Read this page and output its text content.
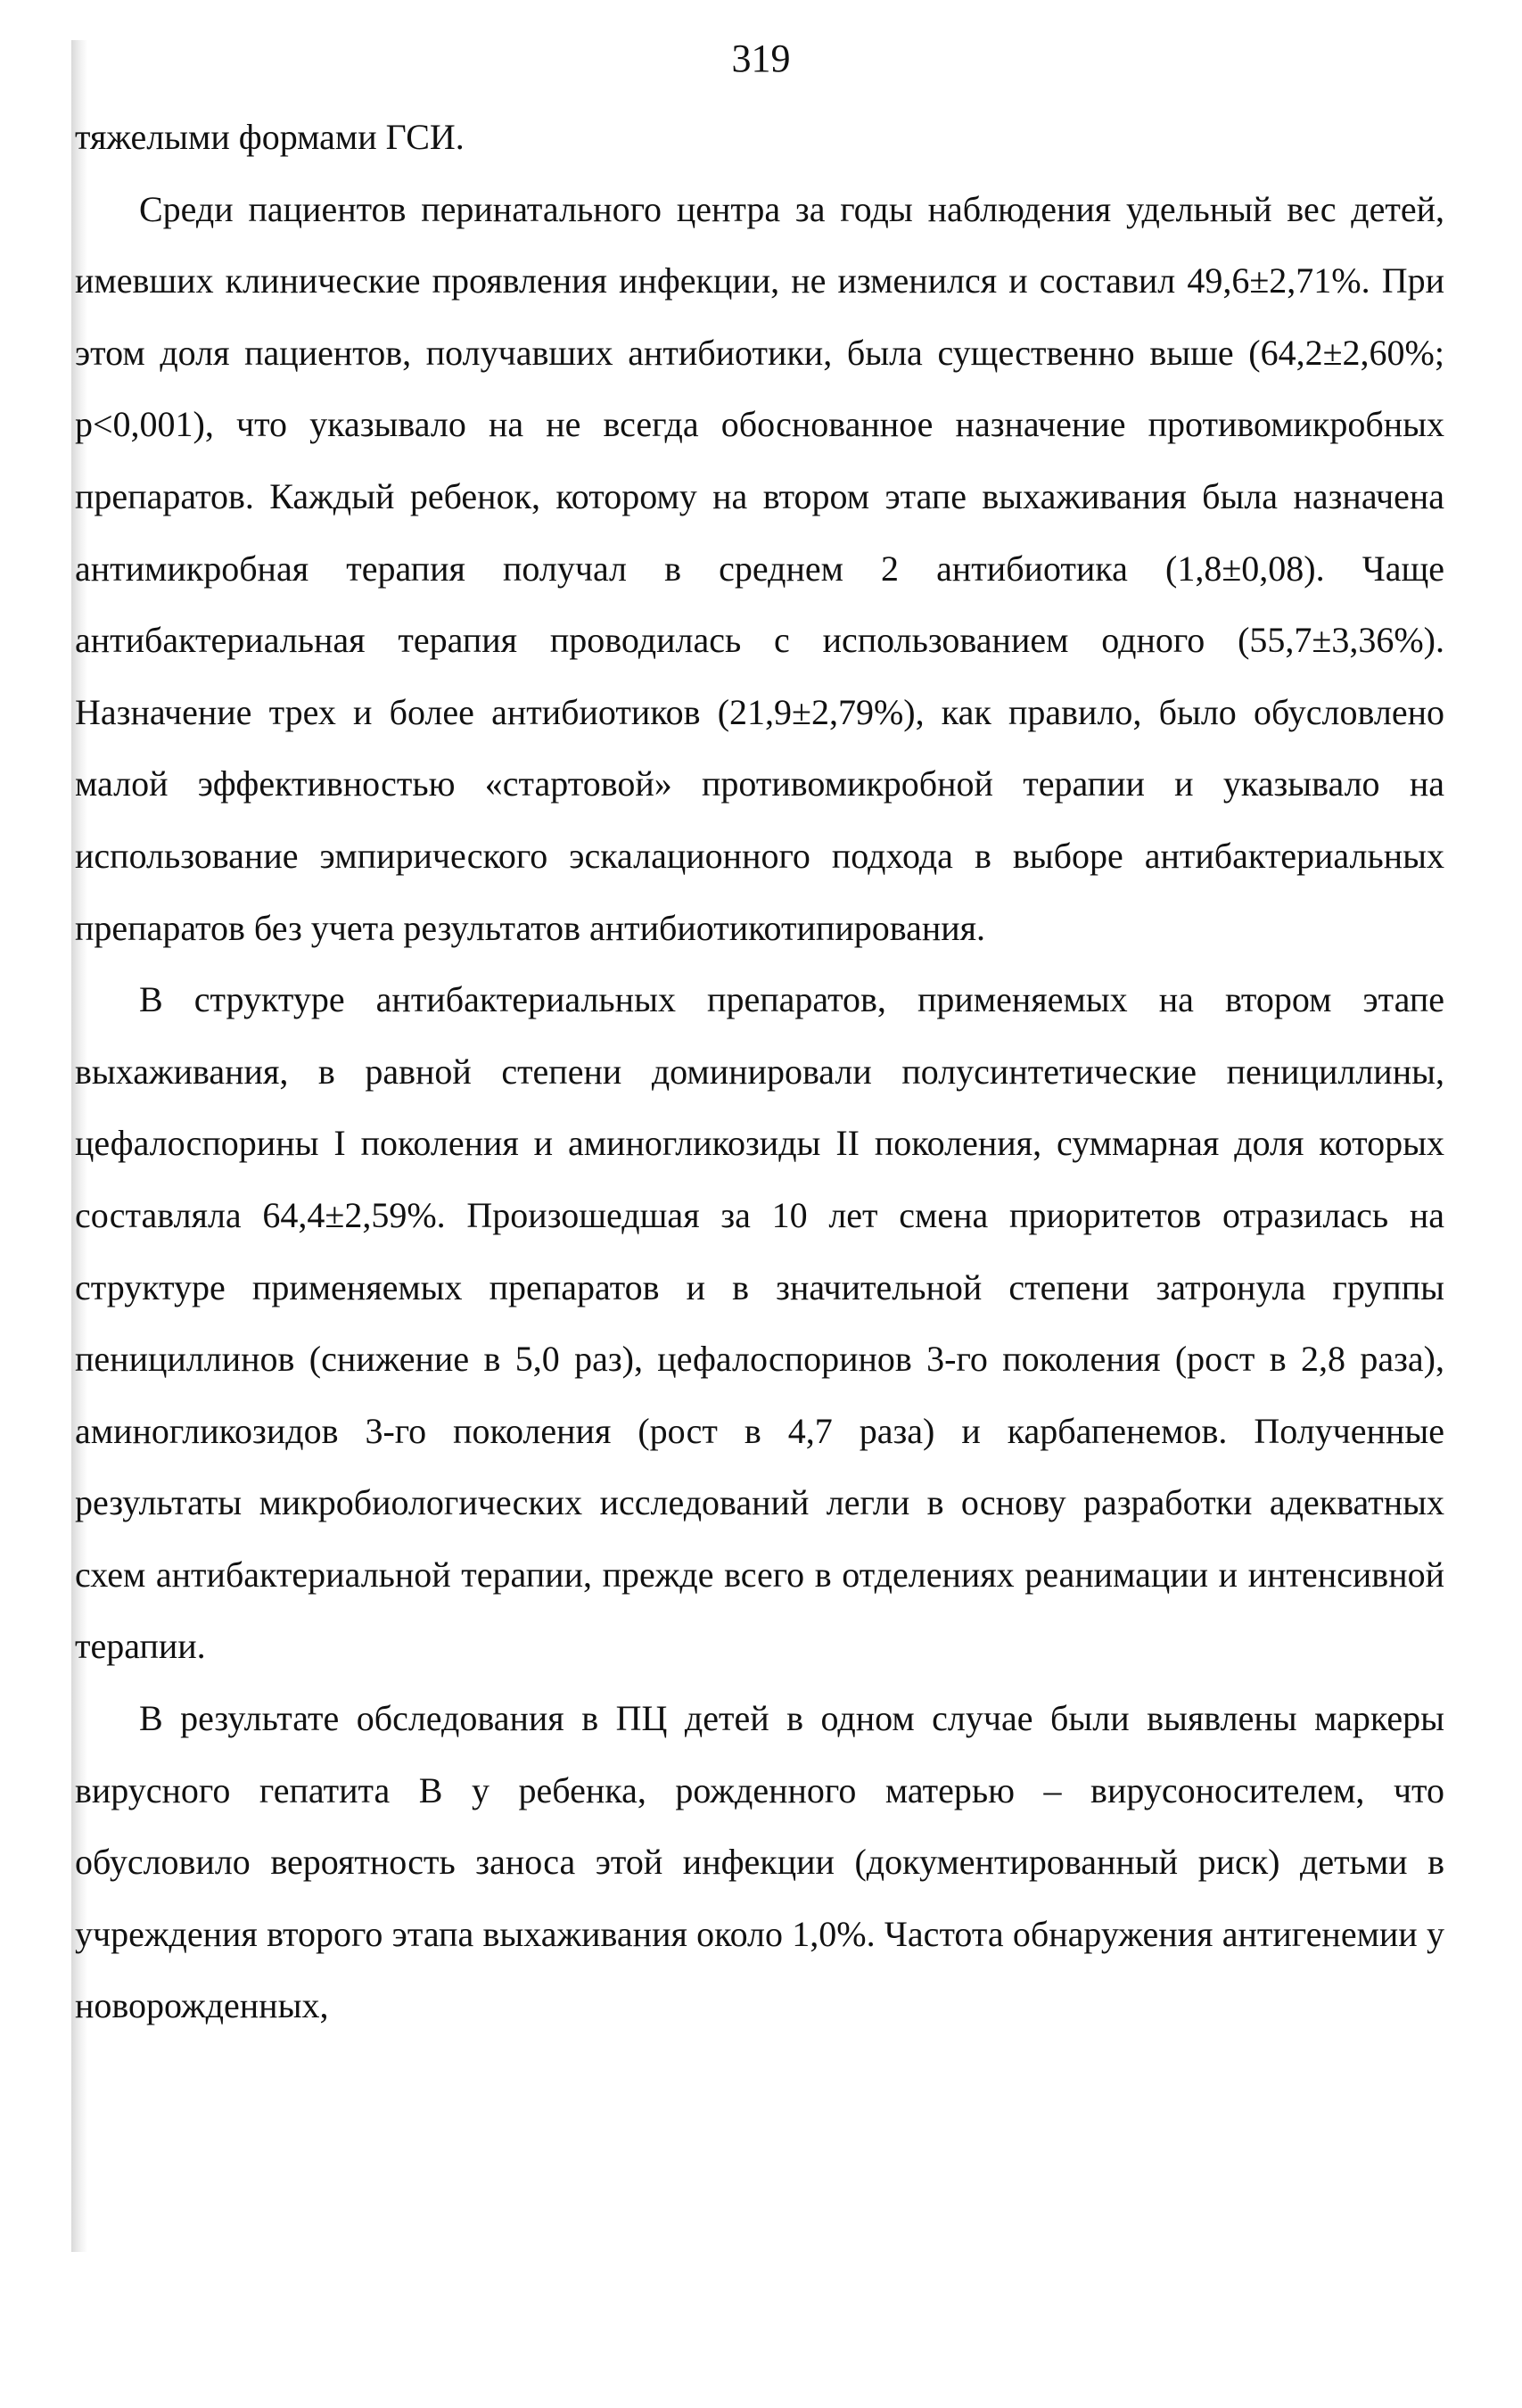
319

тяжелыми формами ГСИ.

Среди пациентов перинатального центра за годы наблюдения удельный вес детей, имевших клинические проявления инфекции, не изменился и составил 49,6±2,71%. При этом доля пациентов, получавших антибиотики, была существенно выше (64,2±2,60%; p<0,001), что указывало на не всегда обоснованное назначение противомикробных препаратов. Каждый ребенок, которому на втором этапе выхаживания была назначена антимикробная терапия получал в среднем 2 антибиотика (1,8±0,08). Чаще антибактериальная терапия проводилась с использованием одного (55,7±3,36%). Назначение трех и более антибиотиков (21,9±2,79%), как правило, было обусловлено малой эффективностью «стартовой» противомикробной терапии и указывало на использование эмпирического эскалационного подхода в выборе антибактериальных препаратов без учета результатов антибиотикотипирования.

В структуре антибактериальных препаратов, применяемых на втором этапе выхаживания, в равной степени доминировали полусинтетические пенициллины, цефалоспорины I поколения и аминогликозиды II поколения, суммарная доля которых составляла 64,4±2,59%. Произошедшая за 10 лет смена приоритетов отразилась на структуре применяемых препаратов и в значительной степени затронула группы пенициллинов (снижение в 5,0 раз), цефалоспоринов 3-го поколения (рост в 2,8 раза), аминогликозидов 3-го поколения (рост в 4,7 раза) и карбапенемов. Полученные результаты микробиологических исследований легли в основу разработки адекватных схем антибактериальной терапии, прежде всего в отделениях реанимации и интенсивной терапии.

В результате обследования в ПЦ детей в одном случае были выявлены маркеры вирусного гепатита В у ребенка, рожденного матерью – вирусоносителем, что обусловило вероятность заноса этой инфекции (документированный риск) детьми в учреждения второго этапа выхаживания около 1,0%. Частота обнаружения антигенемии у новорожденных,
